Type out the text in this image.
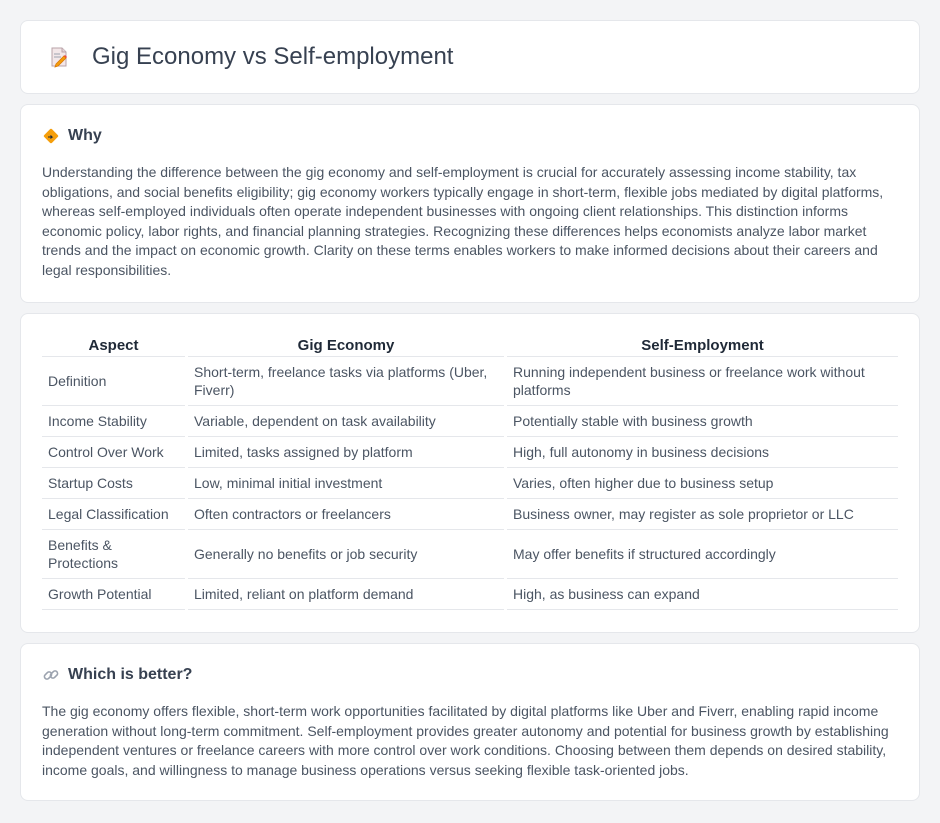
Gig Economy vs Self-employment
Why

Understanding the difference between the gig economy and self-employment is crucial for accurately assessing income stability, tax obligations, and social benefits eligibility; gig economy workers typically engage in short-term, flexible jobs mediated by digital platforms, whereas self-employed individuals often operate independent businesses with ongoing client relationships. This distinction informs economic policy, labor rights, and financial planning strategies. Recognizing these differences helps economists analyze labor market trends and the impact on economic growth. Clarity on these terms enables workers to make informed decisions about their careers and legal responsibilities.

Aspect	Gig Economy	Self-Employment
Definition	Short-term, freelance tasks via platforms (Uber, Fiverr)	Running independent business or freelance work without platforms
Income Stability	Variable, dependent on task availability	Potentially stable with business growth
Control Over Work	Limited, tasks assigned by platform	High, full autonomy in business decisions
Startup Costs	Low, minimal initial investment	Varies, often higher due to business setup
Legal Classification	Often contractors or freelancers	Business owner, may register as sole proprietor or LLC
Benefits & Protections	Generally no benefits or job security	May offer benefits if structured accordingly
Growth Potential	Limited, reliant on platform demand	High, as business can expand
Which is better?

The gig economy offers flexible, short-term work opportunities facilitated by digital platforms like Uber and Fiverr, enabling rapid income generation without long-term commitment. Self-employment provides greater autonomy and potential for business growth by establishing independent ventures or freelance careers with more control over work conditions. Choosing between them depends on desired stability, income goals, and willingness to manage business operations versus seeking flexible task-oriented jobs.
